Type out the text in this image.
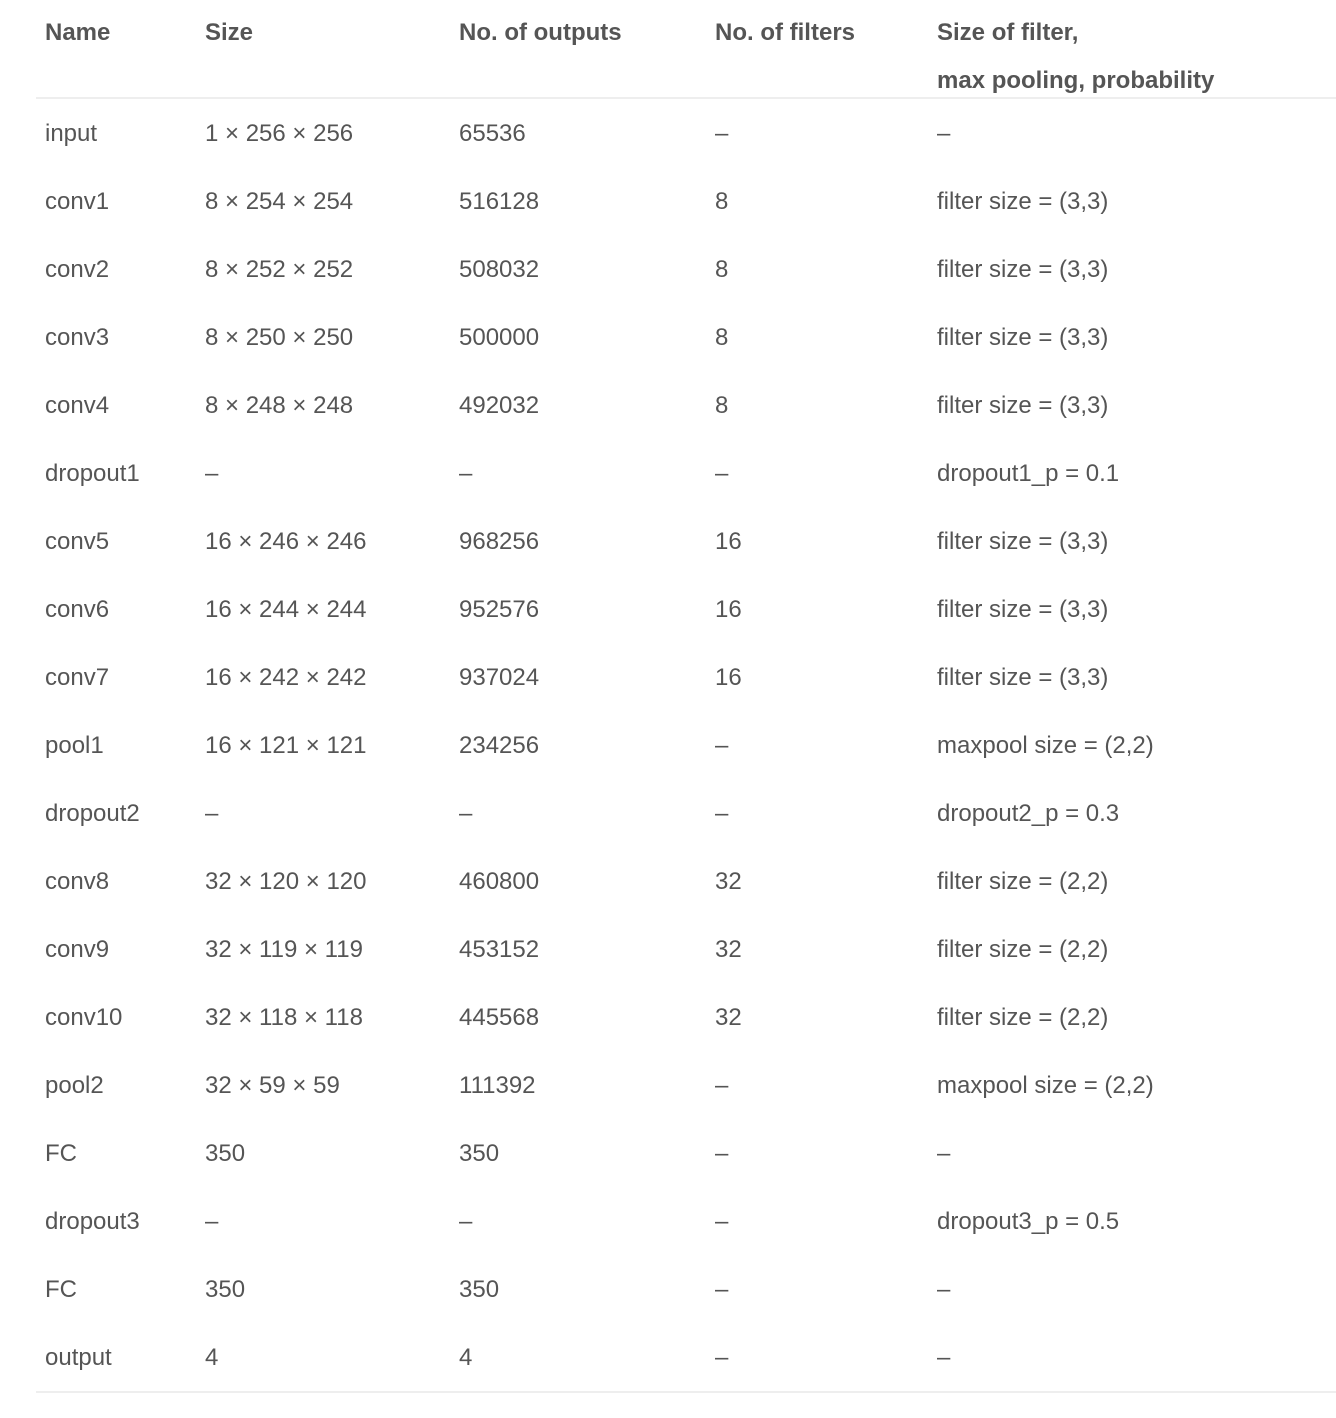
Name	Size	No. of outputs	No. of filters	Size of filter,
max pooling, probability

input	1 × 256 × 256	65536	–	–
conv1	8 × 254 × 254	516128	8	filter size = (3,3)
conv2	8 × 252 × 252	508032	8	filter size = (3,3)
conv3	8 × 250 × 250	500000	8	filter size = (3,3)
conv4	8 × 248 × 248	492032	8	filter size = (3,3)
dropout1	–	–	–	dropout1_p = 0.1
conv5	16 × 246 × 246	968256	16	filter size = (3,3)
conv6	16 × 244 × 244	952576	16	filter size = (3,3)
conv7	16 × 242 × 242	937024	16	filter size = (3,3)
pool1	16 × 121 × 121	234256	–	maxpool size = (2,2)
dropout2	–	–	–	dropout2_p = 0.3
conv8	32 × 120 × 120	460800	32	filter size = (2,2)
conv9	32 × 119 × 119	453152	32	filter size = (2,2)
conv10	32 × 118 × 118	445568	32	filter size = (2,2)
pool2	32 × 59 × 59	111392	–	maxpool size = (2,2)
FC	350	350	–	–
dropout3	–	–	–	dropout3_p = 0.5
FC	350	350	–	–
output	4	4	–	–
